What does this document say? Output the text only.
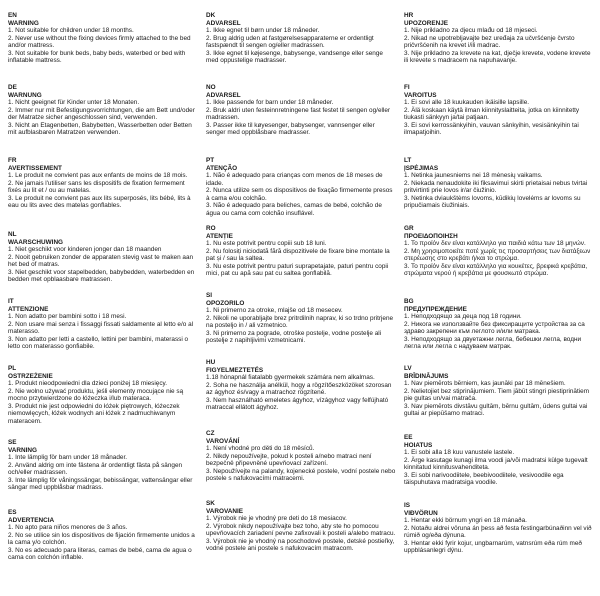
EN
WARNING
1. Not suitable for children under 18 months.
2. Never use without the fixing devices firmly attached to the bed and/or mattress.
3. Not suitable for bunk beds, baby beds, waterbed or bed with inflatable mattress.
DE
WARNUNG
1. Nicht geeignet für Kinder unter 18 Monaten.
2. Immer nur mit Befestigungsvorrichtungen, die am Bett und/oder der Matratze sicher angeschlossen sind, verwenden.
3. Nicht an Etagenbetten, Babybetten, Wasserbetten oder Betten mit aufblasbaren Matratzen verwenden.
FR
AVERTISSEMENT
1. Le produit ne convient pas aux enfants de moins de 18 mois.
2. Ne jamais l'utiliser sans les dispositifs de fixation fermement fixés au lit et / ou au matelas.
3. Le produit ne convient pas aux lits superposés, lits bébé, lits à eau ou lits avec des matelas gonflables.
NL
WAARSCHUWING
1. Niet geschikt voor kinderen jonger dan 18 maanden
2. Nooit gebruiken zonder de apparaten stevig vast te maken aan het bed of matras.
3. Niet geschikt voor stapelbedden, babybedden, waterbedden en bedden met opblaasbare matrassen.
IT
ATTENZIONE
1. Non adatto per bambini sotto i 18 mesi.
2. Non usare mai senza i fissaggi fissati saldamente al letto e/o al materasso.
3. Non adatto per letti a castello, lettini per bambini, materassi o letto con materasso gonfiabile.
PL
OSTRZEŻENIE
1. Produkt nieodpowiedni dla dzieci poniżej 18 miesięcy.
2. Nie wolno używać produktu, jeśli elementy mocujące nie są mocno przytwierdzone do łóżeczka i/lub materaca.
3. Produkt nie jest odpowiedni do łóżek piętrowych, łóżeczek niemowlęcych, łóżek wodnych ani łóżek z nadmuchiwanym materacem.
SE
VARNING
1. Inte lämplig för barn under 18 månader.
2. Använd aldrig om inte fästena är ordentligt fästa på sängen och/eller madrassen.
3. Inte lämplig för våningssängar, bebissängar, vattensängar eller sängar med uppblåsbar madrass.
ES
ADVERTENCIA
1. No apto para niños menores de 3 años.
2. No se utilice sin los dispositivos de fijación firmemente unidos a la cama y/o colchón.
3. No es adecuado para literas, camas de bebé, cama de agua o cama con colchón inflable.
DK
ADVARSEL
1. Ikke egnet til børn under 18 måneder.
2. Brug aldrig uden at fastgørelsesapparaterne er ordentligt fastspændt til sengen og/eller madrassen.
3. Ikke egnet til køjesenge, babysenge, vandsenge eller senge med oppustelige madrasser.
NO
ADVARSEL
1. Ikke passende for barn under 18 måneder.
2. Bruk aldri uten festeinnretningene fast festet til sengen og/eller madrassen.
3. Passer ikke til køyesenger, babysenger, vannsenger eller senger med oppblåsbare madrasser.
PT
ATENÇÃO
1. Não é adequado para crianças com menos de 18 meses de idade.
2. Nunca utilize sem os dispositivos de fixação firmemente presos à cama e/ou colchão.
3. Não é adequado para beliches, camas de bebé, colchão de água ou cama com colchão insuflável.
RO
ATENȚIE
1. Nu este potrivit pentru copiii sub 18 luni.
2. Nu folosiți niciodată fără dispozitivele de fixare bine montate la pat și / sau la saltea.
3. Nu este potrivit pentru paturi suprapetajate, paturi pentru copii mici, pat cu apă sau pat cu saltea gonflabilă.
SI
OPOZORILO
1. Ni primerno za otroke, mlajše od 18 mesecev.
2. Nikoli ne uporabljajte brez pritrdilnih naprav, ki so trdno pritrjene na posteljo in / ali vzmetnico.
3. Ni primerno za pograde, otroške postelje, vodne postelje ali postelje z napihljivimi vzmetnicami.
HU
FIGYELMEZTETÉS
1.18 hónapnál fiatalabb gyermekek számára nem alkalmas.
2. Soha ne használja anélkül, hogy a rögzítőeszközöket szorosan az ágyhoz és/vagy a matrachoz rögzítené.
3. Nem használható emeletes ágyhoz, vízágyhoz vagy felfújható matraccal ellátott ágyhoz.
CZ
VAROVÁNÍ
1. Není vhodné pro děti do 18 měsíců.
2. Nikdy nepoužívejte, pokud k posteli a/nebo matraci není bezpečně připevněné upevňovací zařízení.
3. Nepoužívejte na palandy, kojenecké postele, vodní postele nebo postele s nafukovacími matracemi.
SK
VAROVANIE
1. Výrobok nie je vhodný pre deti do 18 mesiacov.
2. Výrobok nikdy nepoužívajte bez toho, aby ste ho pomocou upevňovacích zariadení pevne zafixovali k posteli a/alebo matracu.
3. Výrobok nie je vhodný na poschodové postele, detské postieľky, vodné postele ani postele s nafukovacím matracom.
HR
UPOZORENJE
1. Nije prikladno za djecu mlađu od 18 mjeseci.
2. Nikad ne upotrebljavajte bez uređaja za učvršćenje čvrsto pričvršćenih na krevet i/ili madrac.
3. Nije prikladno za krevete na kat, dječje krevete, vodene krevete ili krevete s madracem na napuhavanje.
FI
VAROITUS
1. Ei sovi alle 18 kuukauden ikäisille lapsille.
2. Älä koskaan käytä ilman kiinnityslaitteita, jotka on kiinnitetty tiukasti sänkyyn ja/tai patjaan.
3. Ei sovi kerrossänkyihin, vauvan sänkyihin, vesisänkyihin tai ilmapatjoihin.
LT
ĮSPĖJIMAS
1. Netinka jaunesniems nei 18 mėnesių vaikams.
2. Niekada nenaudokite iki fiksavimui skirti prietaisai nebus tvirtai pritvirtinti prie lovos ir/ar čiužinio.
3. Netinka dviaukštėms lovoms, kūdikių lovelėms ar lovoms su pripučiamais čiužiniais.
GR
ΠΡΟΕΙΔΟΠΟΙΗΣΗ
1. Το προϊόν δεν είναι κατάλληλο για παιδιά κάτω των 18 μηνών.
2. Μη χρησιμοποιείτε ποτέ χωρίς τις προσαρτήσεις των διατάξεων στερέωσης στο κρεβάτι ή/και το στρώμα.
3. Το προϊόν δεν είναι κατάλληλο για κουκέτες, βρεφικά κρεβάτια, στρώματα νερού ή κρεβάτια με φουσκωτό στρώμα.
BG
ПРЕДУПРЕЖДЕНИЕ
1. Неподходящо за деца под 18 години.
2. Никога не използвайте без фиксиращите устройства за са здраво закрепени към леглото и/или матрака.
3. Неподходящо за двуетажни легла, бебешки легла, водни легла или легла с надуваем матрак.
LV
BRĪDINĀJUMS
1. Nav piemērots bērniem, kas jaunāki par 18 mēnešiem.
2. Nelietojiet bez stiprinājumiem. Tiem jābūt stingri piestiprinātiem pie gultas un/vai matrača.
3. Nav piemērots divstāvu gultām, bērnu gultām, ūdens gultai vai gultai ar piepūšamo matraci.
EE
HOIATUS
1. Ei sobi alla 18 kuu vanustele lastele.
2. Ärge kasutage kunagi ilma voodi ja/või madratsi külge tugevalt kinnitatud kinnitusvahenditeta.
3. Ei sobi narivoodiitele, beebivoodiitele, vesivoodile ega täispuhutava madratsiga voodile.
IS
VIÐVÖRUN
1. Hentar ekki börnum yngri en 18 mánaða.
2. Notaðu aldrei vöruna án þess að festa festingarbúnaðinn vel við rúmið og/eða dýnuna.
3. Hentar ekki fyrir kojur, ungbarnarúm, vatnsrúm eða rúm með uppblásanlegri dýnu.
